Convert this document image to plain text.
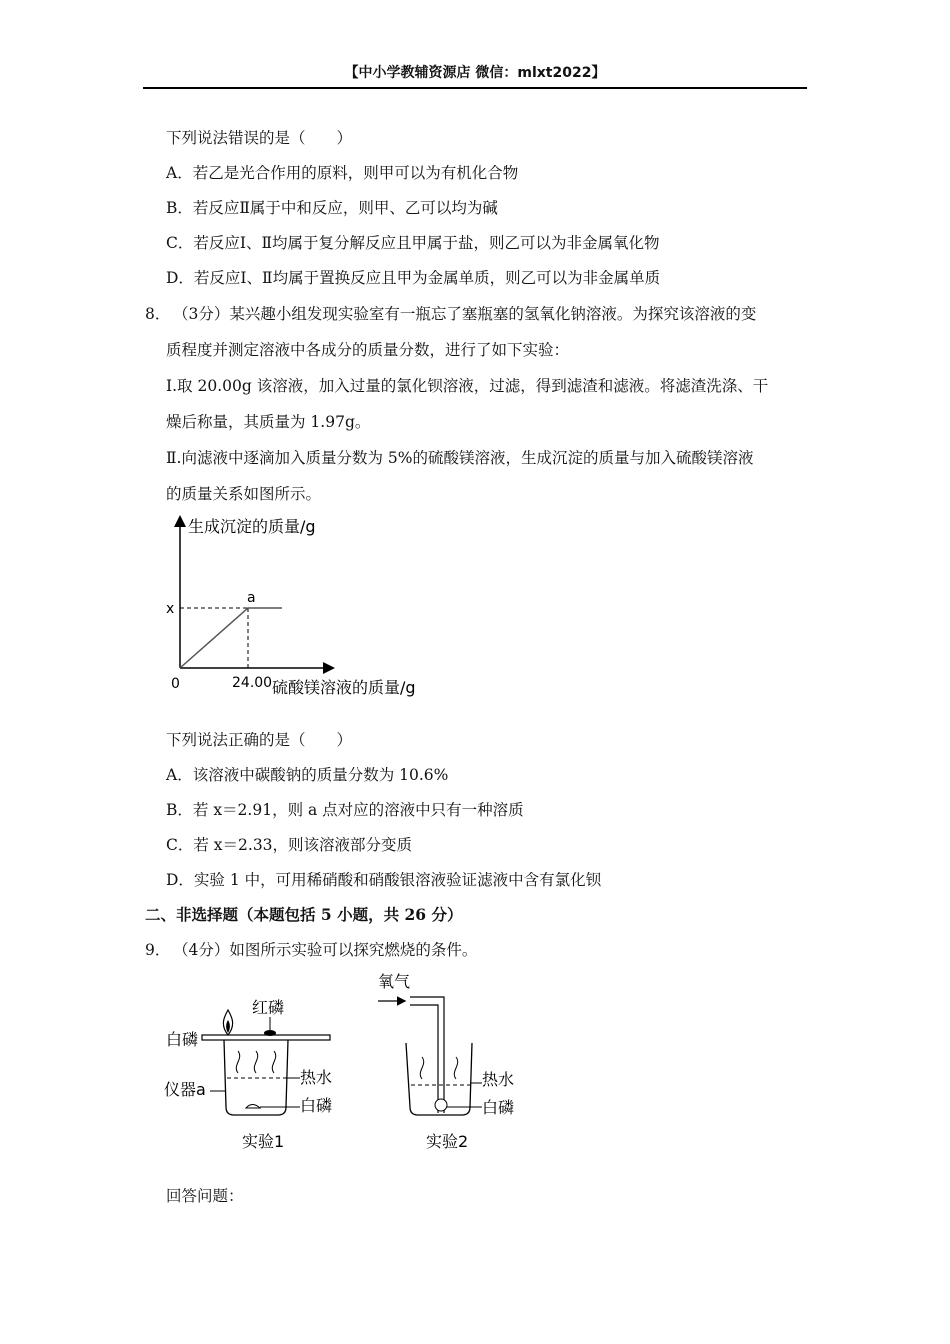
【中小学教辅资源店 微信：mlxt2022】
下列说法错误的是（　　）
A．若乙是光合作用的原料，则甲可以为有机化合物
B．若反应Ⅱ属于中和反应，则甲、乙可以均为碱
C．若反应Ⅰ、Ⅱ均属于复分解反应且甲属于盐，则乙可以为非金属氧化物
D．若反应Ⅰ、Ⅱ均属于置换反应且甲为金属单质，则乙可以为非金属单质
8． （3分）某兴趣小组发现实验室有一瓶忘了塞瓶塞的氢氧化钠溶液。为探究该溶液的变
质程度并测定溶液中各成分的质量分数，进行了如下实验：
Ⅰ.取 20.00g 该溶液，加入过量的氯化钡溶液，过滤，得到滤渣和滤液。将滤渣洗涤、干
燥后称量，其质量为 1.97g。
Ⅱ.向滤液中逐滴加入质量分数为 5%的硫酸镁溶液，生成沉淀的质量与加入硫酸镁溶液
的质量关系如图所示。
生成沉淀的质量/g
硫酸镁溶液的质量/g
0	24.00
x
a
下列说法正确的是（　　）
A．该溶液中碳酸钠的质量分数为 10.6%
B．若 x＝2.91，则 a 点对应的溶液中只有一种溶质
C．若 x＝2.33，则该溶液部分变质
D．实验 1 中，可用稀硝酸和硝酸银溶液验证滤液中含有氯化钡
二、非选择题（本题包括 5 小题，共 26 分）
9． （4分）如图所示实验可以探究燃烧的条件。
红磷
白磷
仪器a
热水
白磷
实验1
氧气
热水
白磷
实验2
回答问题：
